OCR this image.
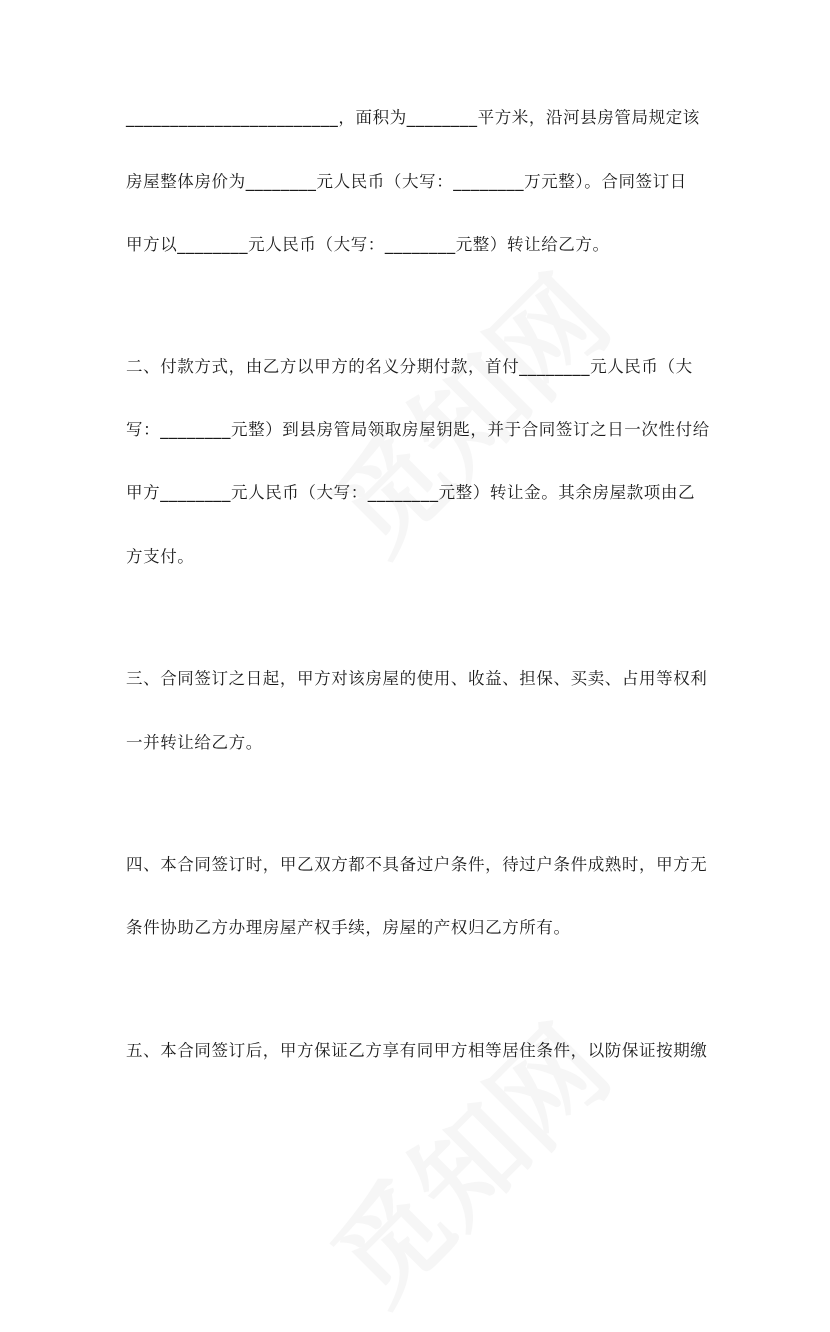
________________________，面积为________平方米，沿河县房管局规定该
房屋整体房价为________元人民币（大写：________万元整）。合同签订日
甲方以________元人民币（大写：________元整）转让给乙方。
二、付款方式，由乙方以甲方的名义分期付款，首付________元人民币（大
写：________元整）到县房管局领取房屋钥匙，并于合同签订之日一次性付给
甲方________元人民币（大写：________元整）转让金。其余房屋款项由乙
方支付。
三、合同签订之日起，甲方对该房屋的使用、收益、担保、买卖、占用等权利
一并转让给乙方。
四、本合同签订时，甲乙双方都不具备过户条件，待过户条件成熟时，甲方无
条件协助乙方办理房屋产权手续，房屋的产权归乙方所有。
五、本合同签订后，甲方保证乙方享有同甲方相等居住条件，以防保证按期缴
